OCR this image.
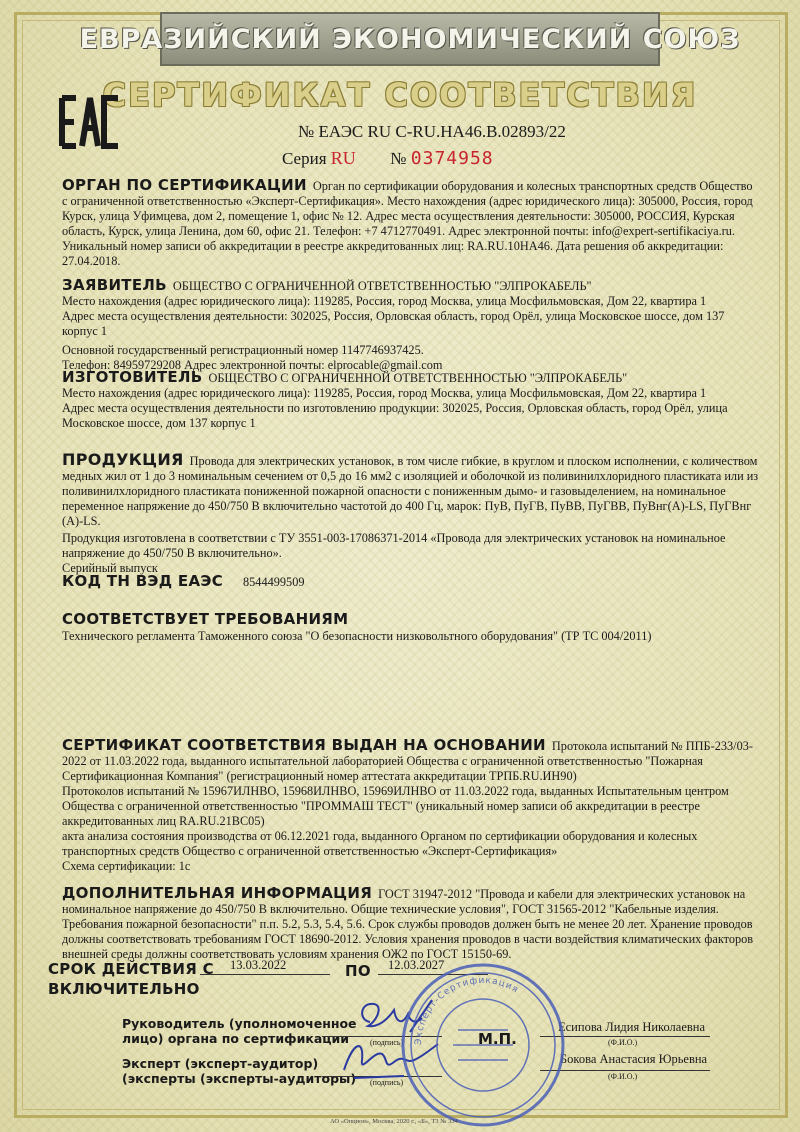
ЕВРАЗИЙСКИЙ ЭКОНОМИЧЕСКИЙ СОЮЗ
СЕРТИФИКАТ СООТВЕТСТВИЯ
№ ЕАЭС RU C-RU.HA46.B.02893/22
Серия RU № 0374958
ОРГАН ПО СЕРТИФИКАЦИИ Орган по сертификации оборудования и колесных транспортных средств Общество с ограниченной ответственностью «Эксперт-Сертификация». Место нахождения (адрес юридического лица): 305000, Россия, город Курск, улица Уфимцева, дом 2, помещение 1, офис № 12. Адрес места осуществления деятельности: 305000, РОССИЯ, Курская область, Курск, улица Ленина, дом 60, офис 21. Телефон: +7 4712770491. Адрес электронной почты: info@expert-sertifikaciya.ru. Уникальный номер записи об аккредитации в реестре аккредитованных лиц: RA.RU.10HA46. Дата решения об аккредитации: 27.04.2018.
ЗАЯВИТЕЛЬ ОБЩЕСТВО С ОГРАНИЧЕННОЙ ОТВЕТСТВЕННОСТЬЮ "ЭЛПРОКАБЕЛЬ"
Место нахождения (адрес юридического лица): 119285, Россия, город Москва, улица Мосфильмовская, Дом 22, квартира 1
Адрес места осуществления деятельности: 302025, Россия, Орловская область, город Орёл, улица Московское шоссе, дом 137 корпус 1
Основной государственный регистрационный номер 1147746937425.
Телефон: 84959729208 Адрес электронной почты: elprocable@gmail.com
ИЗГОТОВИТЕЛЬ ОБЩЕСТВО С ОГРАНИЧЕННОЙ ОТВЕТСТВЕННОСТЬЮ "ЭЛПРОКАБЕЛЬ"
Место нахождения (адрес юридического лица): 119285, Россия, город Москва, улица Мосфильмовская, Дом 22, квартира 1
Адрес места осуществления деятельности по изготовлению продукции: 302025, Россия, Орловская область, город Орёл, улица Московское шоссе, дом 137 корпус 1
ПРОДУКЦИЯ Провода для электрических установок, в том числе гибкие, в круглом и плоском исполнении, с количеством медных жил от 1 до 3 номинальным сечением от 0,5 до 16 мм2 с изоляцией и оболочкой из поливинилхлоридного пластиката или из поливинилхлоридного пластиката пониженной пожарной опасности с пониженным дымо- и газовыделением, на номинальное переменное напряжение до 450/750 В включительно частотой до 400 Гц, марок: ПуВ, ПуГВ, ПуВВ, ПуГВВ, ПуВнг(А)-LS, ПуГВнг (А)-LS.
Продукция изготовлена в соответствии с ТУ 3551-003-17086371-2014 «Провода для электрических установок на номинальное напряжение до 450/750 В включительно».
Серийный выпуск
КОД ТН ВЭД ЕАЭС 8544499509
СООТВЕТСТВУЕТ ТРЕБОВАНИЯМ
Технического регламента Таможенного союза "О безопасности низковольтного оборудования" (ТР ТС 004/2011)
СЕРТИФИКАТ СООТВЕТСТВИЯ ВЫДАН НА ОСНОВАНИИ Протокола испытаний № ППБ-233/03-2022 от 11.03.2022 года, выданного испытательной лабораторией Общества с ограниченной ответственностью "Пожарная Сертификационная Компания" (регистрационный номер аттестата аккредитации ТРПБ.RU.ИН90)
Протоколов испытаний № 15967ИЛНВО, 15968ИЛНВО, 15969ИЛНВО от 11.03.2022 года, выданных Испытательным центром Общества с ограниченной ответственностью "ПРОММАШ ТЕСТ" (уникальный номер записи об аккредитации в реестре аккредитованных лиц RA.RU.21ВС05)
акта анализа состояния производства от 06.12.2021 года, выданного Органом по сертификации оборудования и колесных транспортных средств Общество с ограниченной ответственностью «Эксперт-Сертификация»
Схема сертификации: 1с
ДОПОЛНИТЕЛЬНАЯ ИНФОРМАЦИЯ ГОСТ 31947-2012 "Провода и кабели для электрических установок на номинальное напряжение до 450/750 В включительно. Общие технические условия", ГОСТ 31565-2012 "Кабельные изделия. Требования пожарной безопасности" п.п. 5.2, 5.3, 5.4, 5.6. Срок службы проводов должен быть не менее 20 лет. Хранение проводов должны соответствовать требованиям ГОСТ 18690-2012. Условия хранения проводов в части воздействия климатических факторов внешней среды должны соответствовать условиям хранения ОЖ2 по ГОСТ 15150-69.
СРОК ДЕЙСТВИЯ С
ВКЛЮЧИТЕЛЬНО
13.03.2022	ПО 12.03.2027
Руководитель (уполномоченное
лицо) органа по сертификации	(подпись)
Есипова Лидия Николаевна
(Ф.И.О.)
М.П.
Эксперт (эксперт-аудитор)
(эксперты (эксперты-аудиторы) (подпись)
Бокова Анастасия Юрьевна
(Ф.И.О.)
Эксперт-Сертификация
АО «Опцион», Москва, 2020 г., «Б», Т3 № 334
